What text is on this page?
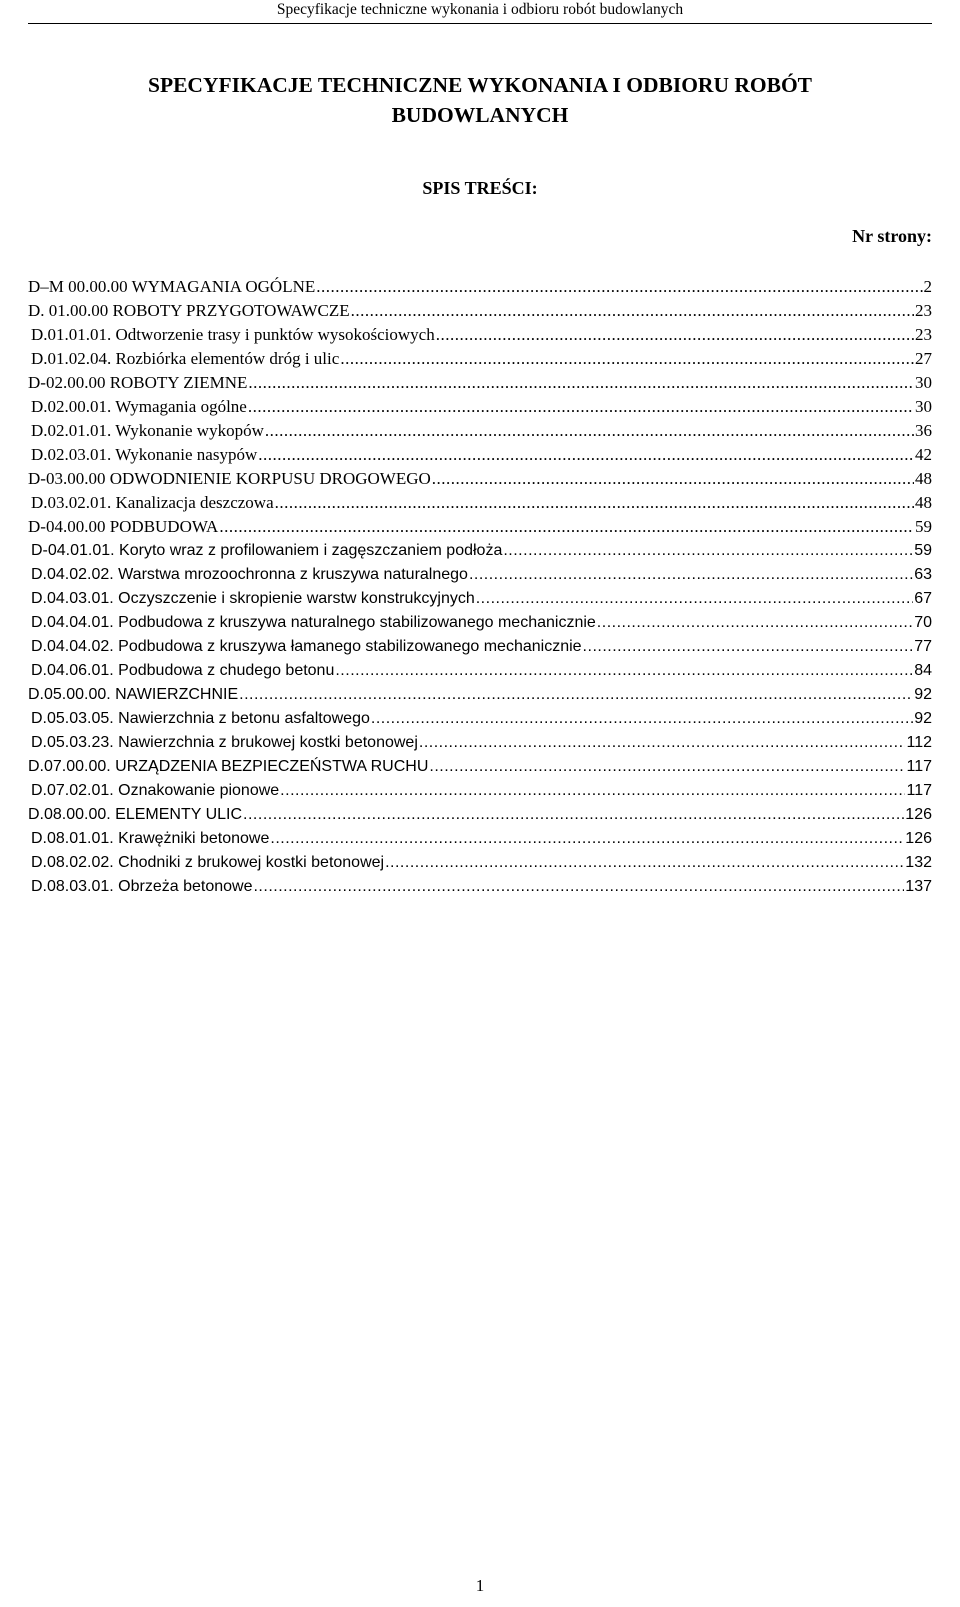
Specyfikacje techniczne wykonania i odbioru robót budowlanych
SPECYFIKACJE TECHNICZNE WYKONANIA I ODBIORU ROBÓT
BUDOWLANYCH
SPIS TREŚCI:
Nr strony:
D–M 00.00.00 WYMAGANIA OGÓLNE .....	2
D. 01.00.00 ROBOTY PRZYGOTOWAWCZE .....	23
D.01.01.01. Odtworzenie trasy i punktów wysokościowych .....	23
D.01.02.04. Rozbiórka elementów dróg i ulic .....	27
D-02.00.00 ROBOTY ZIEMNE .....	30
D.02.00.01. Wymagania ogólne .....	30
D.02.01.01. Wykonanie wykopów .....	36
D.02.03.01. Wykonanie nasypów .....	42
D-03.00.00 ODWODNIENIE KORPUSU DROGOWEGO .....	48
D.03.02.01. Kanalizacja deszczowa .....	48
D-04.00.00 PODBUDOWA .....	59
D-04.01.01. Koryto wraz z profilowaniem i zagęszczaniem podłoża .....	59
D.04.02.02. Warstwa mrozoochronna z kruszywa naturalnego .....	63
D.04.03.01. Oczyszczenie i skropienie warstw konstrukcyjnych .....	67
D.04.04.01. Podbudowa z kruszywa naturalnego stabilizowanego mechanicznie .....	70
D.04.04.02. Podbudowa z kruszywa łamanego stabilizowanego mechanicznie .....	77
D.04.06.01. Podbudowa z chudego betonu .....	84
D.05.00.00. NAWIERZCHNIE .....	92
D.05.03.05. Nawierzchnia z betonu asfaltowego .....	92
D.05.03.23. Nawierzchnia z brukowej kostki betonowej .....	112
D.07.00.00. URZĄDZENIA BEZPIECZEŃSTWA RUCHU .....	117
D.07.02.01. Oznakowanie pionowe .....	117
D.08.00.00. ELEMENTY ULIC .....	126
D.08.01.01. Krawężniki betonowe .....	126
D.08.02.02. Chodniki z brukowej kostki betonowej .....	132
D.08.03.01. Obrzeża betonowe .....	137
1
